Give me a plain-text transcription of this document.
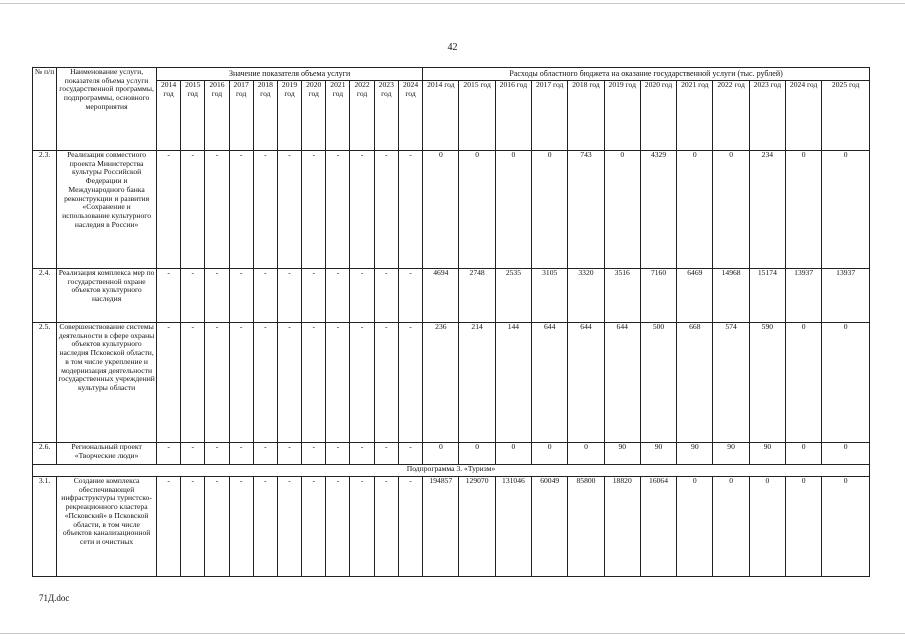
42
№ п/п	Наименование услуги, показателя объема услуги государственной программы, подпрограммы, основного мероприятия	Значение показателя объема услуги											Расходы областного бюджета на оказание государственной услуги (тыс. рублей)											
		2014 год	2015 год	2016 год	2017 год	2018 год	2019 год	2020 год	2021 год	2022 год	2023 год	2024 год	2014 год	2015 год	2016 год	2017 год	2018 год	2019 год	2020 год	2021 год	2022 год	2023 год	2024 год	2025 год
2.3.	Реализация совместного проекта Министерства культуры Российской Федерации и Международного банка реконструкции и развития «Сохранение и использование культурного наследия в России»	-	-	-	-	-	-	-	-	-	-	-	0	0	0	0	743	0	4329	0	0	234	0	0
2.4.	Реализация комплекса мер по государственной охране объектов культурного наследия	-	-	-	-	-	-	-	-	-	-	-	4694	2748	2535	3105	3320	3516	7160	6469	14968	15174	13937	13937
2.5.	Совершенствование системы деятельности в сфере охраны объектов культурного наследия Псковской области, в том числе укрепление и модернизация деятельности государственных учреждений культуры области	-	-	-	-	-	-	-	-	-	-	-	236	214	144	644	644	644	500	668	574	590	0	0
2.6.	Региональный проект «Творческие люди»	-	-	-	-	-	-	-	-	-	-	-	0	0	0	0	0	90	90	90	90	90	0	0
Подпрограмма 3. «Туризм»																								
3.1.	Создание комплекса обеспечивающей инфраструктуры туристско-рекреационного кластера «Псковский» в Псковской области, в том числе объектов канализационной сети и очистных	-	-	-	-	-	-	-	-	-	-	-	194857	129070	131046	60049	85800	18820	16064	0	0	0	0	0
71Д.doc
